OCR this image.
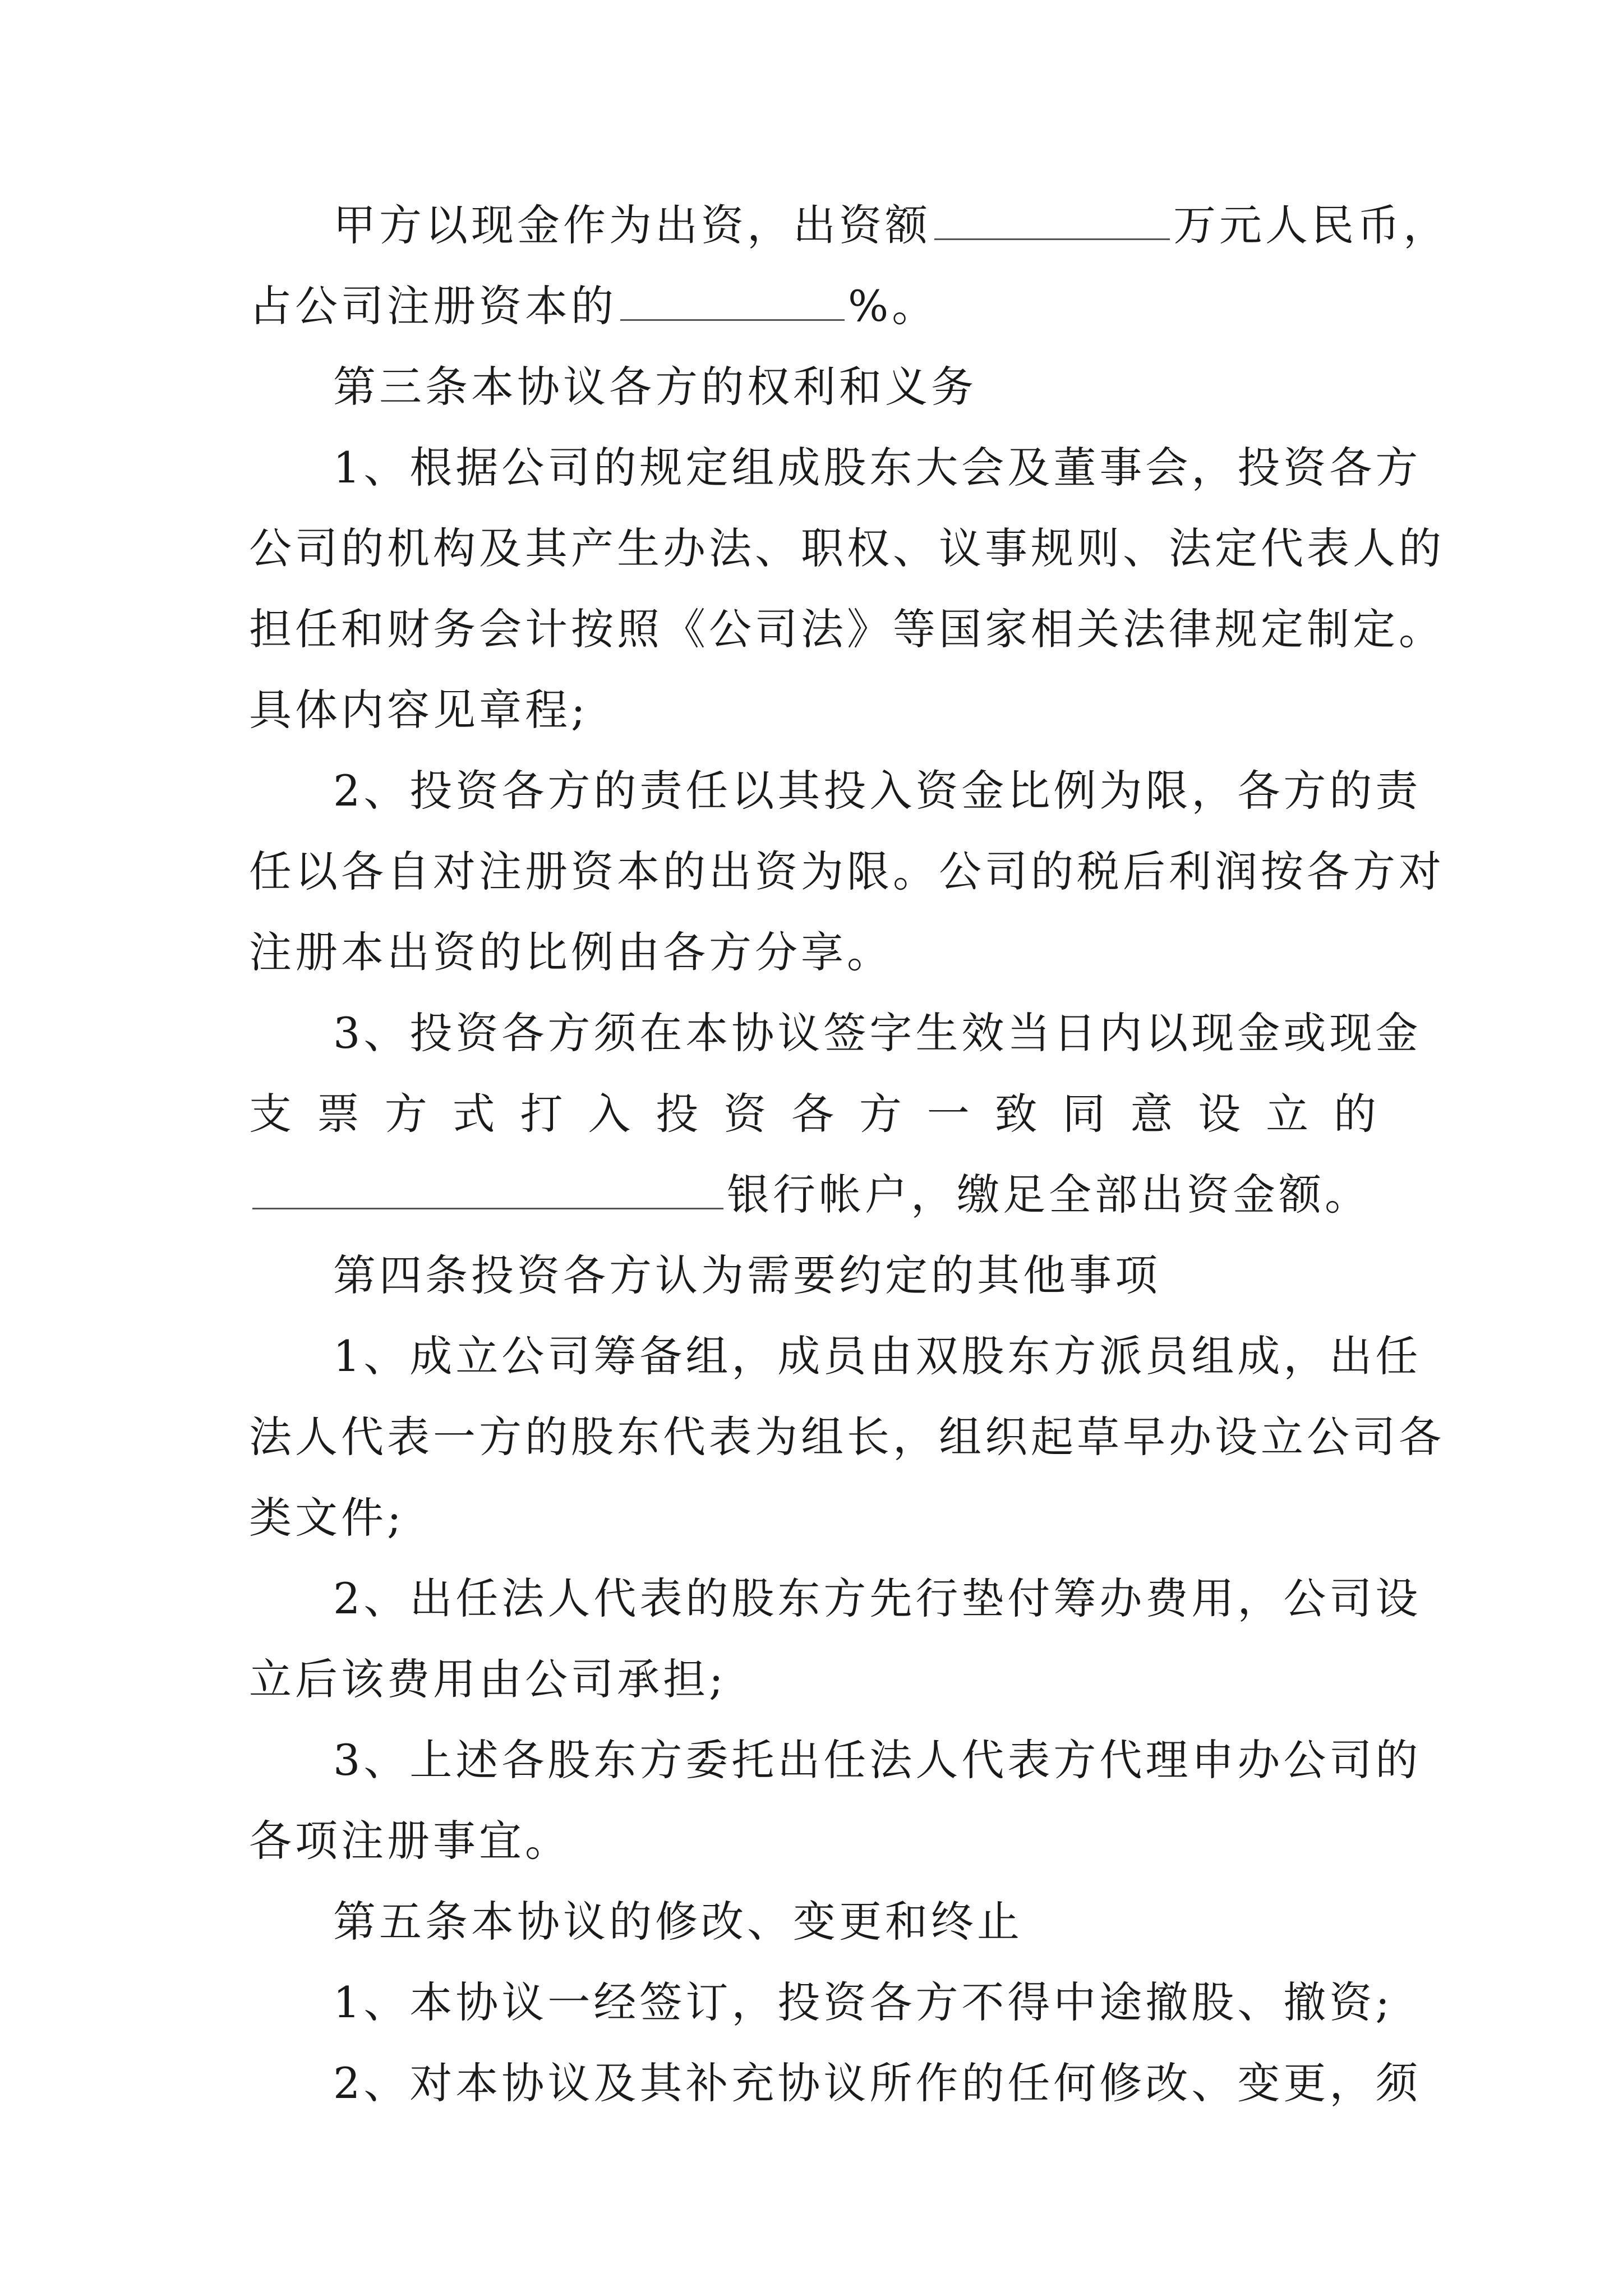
甲方以现金作为出资，出资额	万元人民币，
占公司注册资本的	%。
第三条本协议各方的权利和义务
1、根据公司的规定组成股东大会及董事会，投资各方
公司的机构及其产生办法、职权、议事规则、法定代表人的
担任和财务会计按照《公司法》等国家相关法律规定制定。
具体内容见章程;
2、投资各方的责任以其投入资金比例为限，各方的责
任以各自对注册资本的出资为限。公司的税后利润按各方对
注册本出资的比例由各方分享。
3、投资各方须在本协议签字生效当日内以现金或现金
支 票 方 式 打 入 投 资 各 方 一 致 同 意 设 立 的
银行帐户，缴足全部出资金额。
第四条投资各方认为需要约定的其他事项
1、成立公司筹备组，成员由双股东方派员组成，出任
法人代表一方的股东代表为组长，组织起草早办设立公司各
类文件;
2、出任法人代表的股东方先行垫付筹办费用，公司设
立后该费用由公司承担;
3、上述各股东方委托出任法人代表方代理申办公司的
各项注册事宜。
第五条本协议的修改、变更和终止
1、本协议一经签订，投资各方不得中途撤股、撤资;
2、对本协议及其补充协议所作的任何修改、变更，须
